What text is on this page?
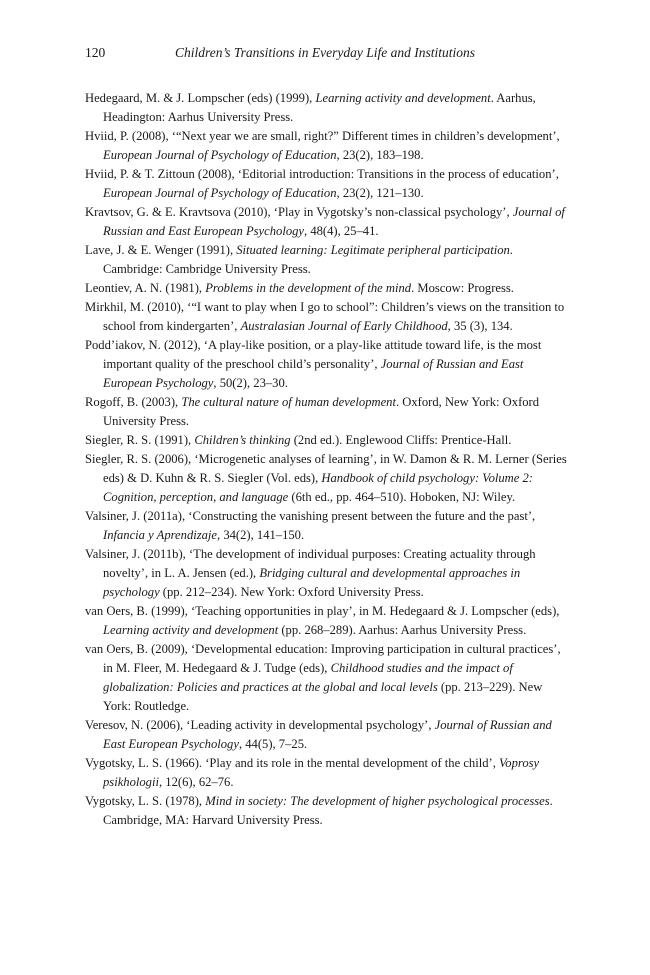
120	Children’s Transitions in Everyday Life and Institutions

Hedegaard, M. & J. Lompscher (eds) (1999), Learning activity and development. Aarhus, Headington: Aarhus University Press.

Hviid, P. (2008), ‘“Next year we are small, right?” Different times in children’s development’, European Journal of Psychology of Education, 23(2), 183–198.

Hviid, P. & T. Zittoun (2008), ‘Editorial introduction: Transitions in the process of education’, European Journal of Psychology of Education, 23(2), 121–130.

Kravtsov, G. & E. Kravtsova (2010), ‘Play in Vygotsky’s non-classical psychology’, Journal of Russian and East European Psychology, 48(4), 25–41.

Lave, J. & E. Wenger (1991), Situated learning: Legitimate peripheral participation. Cambridge: Cambridge University Press.

Leontiev, A. N. (1981), Problems in the development of the mind. Moscow: Progress.

Mirkhil, M. (2010), ‘“I want to play when I go to school”: Children’s views on the transition to school from kindergarten’, Australasian Journal of Early Childhood, 35 (3), 134.

Podd’iakov, N. (2012), ‘A play-like position, or a play-like attitude toward life, is the most important quality of the preschool child’s personality’, Journal of Russian and East European Psychology, 50(2), 23–30.

Rogoff, B. (2003), The cultural nature of human development. Oxford, New York: Oxford University Press.

Siegler, R. S. (1991), Children’s thinking (2nd ed.). Englewood Cliffs: Prentice-Hall.

Siegler, R. S. (2006), ‘Microgenetic analyses of learning’, in W. Damon & R. M. Lerner (Series eds) & D. Kuhn & R. S. Siegler (Vol. eds), Handbook of child psychology: Volume 2: Cognition, perception, and language (6th ed., pp. 464–510). Hoboken, NJ: Wiley.

Valsiner, J. (2011a), ‘Constructing the vanishing present between the future and the past’, Infancia y Aprendizaje, 34(2), 141–150.

Valsiner, J. (2011b), ‘The development of individual purposes: Creating actuality through novelty’, in L. A. Jensen (ed.), Bridging cultural and developmental approaches in psychology (pp. 212–234). New York: Oxford University Press.

van Oers, B. (1999), ‘Teaching opportunities in play’, in M. Hedegaard & J. Lompscher (eds), Learning activity and development (pp. 268–289). Aarhus: Aarhus University Press.

van Oers, B. (2009), ‘Developmental education: Improving participation in cultural practices’, in M. Fleer, M. Hedegaard & J. Tudge (eds), Childhood studies and the impact of globalization: Policies and practices at the global and local levels (pp. 213–229). New York: Routledge.

Veresov, N. (2006), ‘Leading activity in developmental psychology’, Journal of Russian and East European Psychology, 44(5), 7–25.

Vygotsky, L. S. (1966). ‘Play and its role in the mental development of the child’, Voprosy psikhologii, 12(6), 62–76.

Vygotsky, L. S. (1978), Mind in society: The development of higher psychological processes. Cambridge, MA: Harvard University Press.
